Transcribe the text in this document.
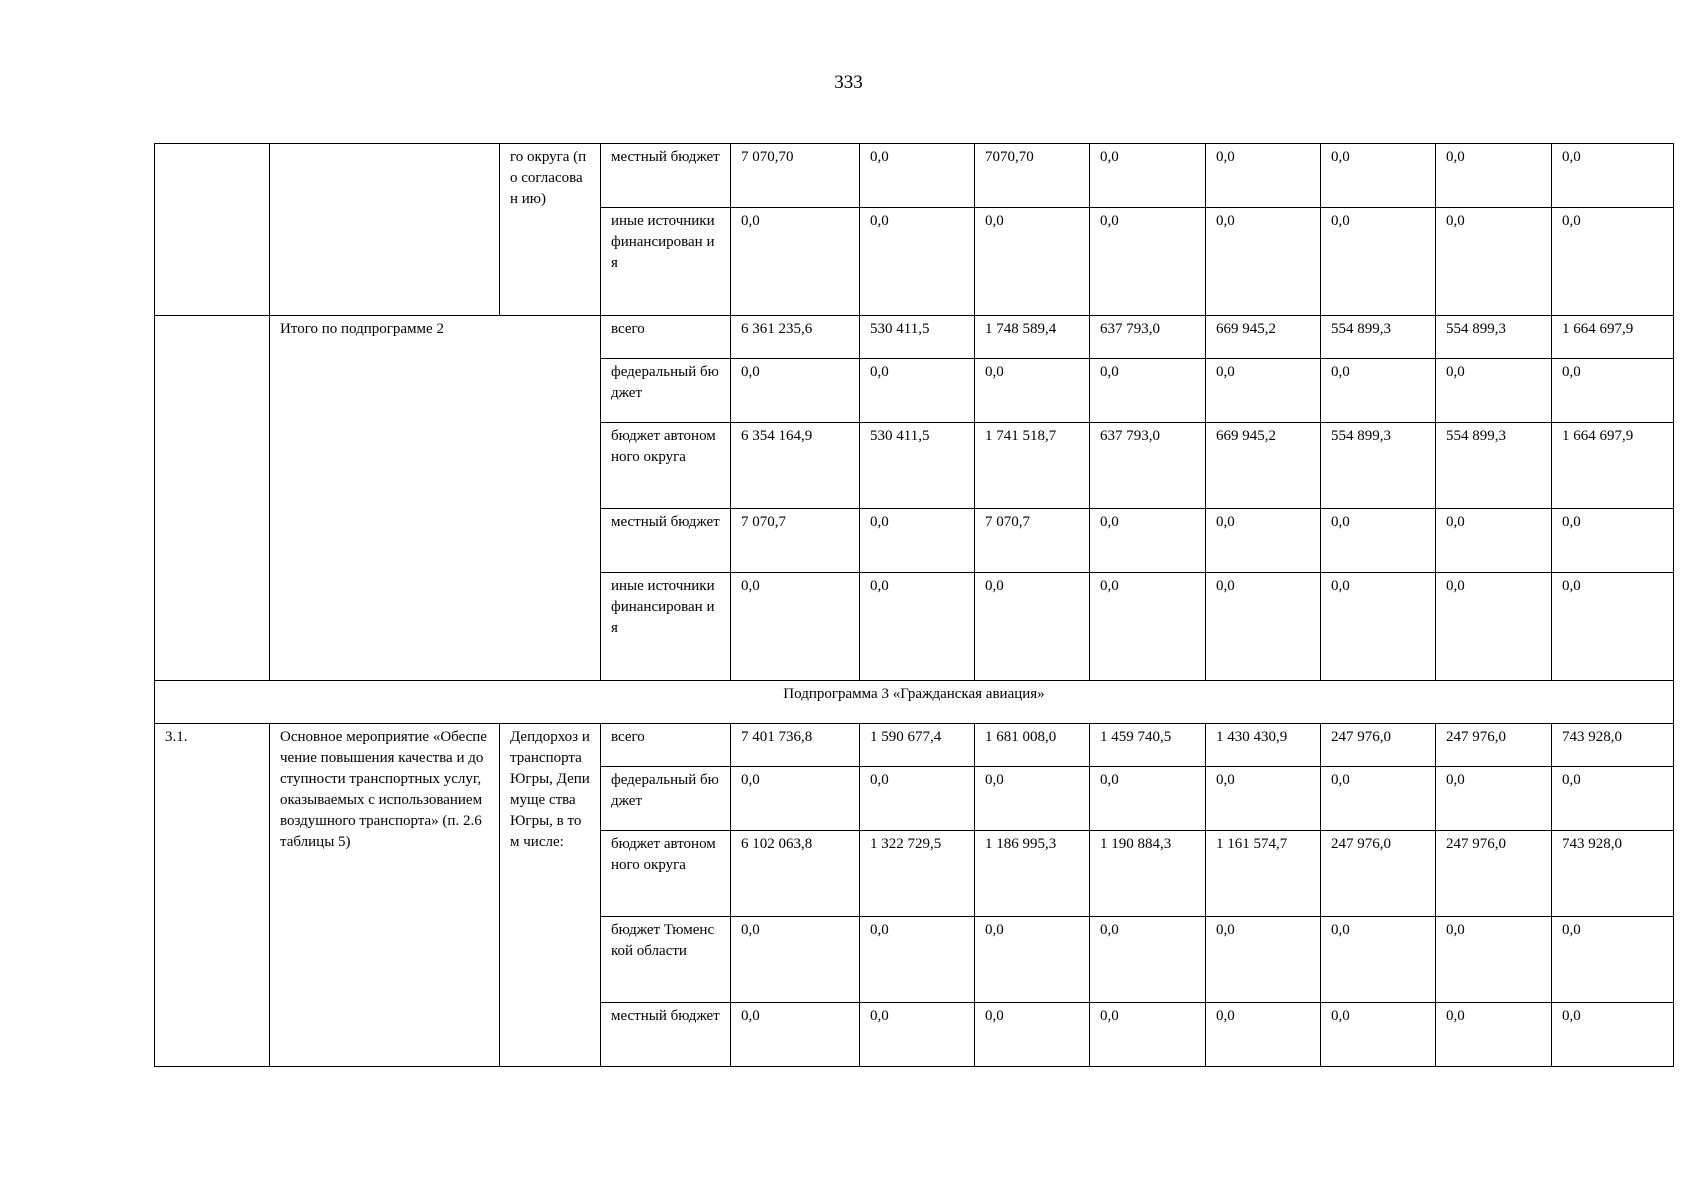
333
		го округа (по согласован ию)	местный бюджет	7 070,70	0,0	7070,70	0,0	0,0	0,0	0,0	0,0
			иные источники финансирован ия	0,0	0,0	0,0	0,0	0,0	0,0	0,0	0,0
	Итого по подпрограмме 2		всего	6 361 235,6	530 411,5	1 748 589,4	637 793,0	669 945,2	554 899,3	554 899,3	1 664 697,9
			федеральный бюджет	0,0	0,0	0,0	0,0	0,0	0,0	0,0	0,0
			бюджет автономного округа	6 354 164,9	530 411,5	1 741 518,7	637 793,0	669 945,2	554 899,3	554 899,3	1 664 697,9
			местный бюджет	7 070,7	0,0	7 070,7	0,0	0,0	0,0	0,0	0,0
			иные источники финансирован ия	0,0	0,0	0,0	0,0	0,0	0,0	0,0	0,0
Подпрограмма 3 «Гражданская авиация»											
3.1.	Основное мероприятие «Обеспечение повышения качества и доступности транспортных услуг, оказываемых с использованием воздушного транспорта» (п. 2.6 таблицы 5)	Депдорхоз и транспорта Югры, Депимуще ства Югры, в том числе:	всего	7 401 736,8	1 590 677,4	1 681 008,0	1 459 740,5	1 430 430,9	247 976,0	247 976,0	743 928,0
			федеральный бюджет	0,0	0,0	0,0	0,0	0,0	0,0	0,0	0,0
			бюджет автономного округа	6 102 063,8	1 322 729,5	1 186 995,3	1 190 884,3	1 161 574,7	247 976,0	247 976,0	743 928,0
			бюджет Тюменской области	0,0	0,0	0,0	0,0	0,0	0,0	0,0	0,0
			местный бюджет	0,0	0,0	0,0	0,0	0,0	0,0	0,0	0,0
